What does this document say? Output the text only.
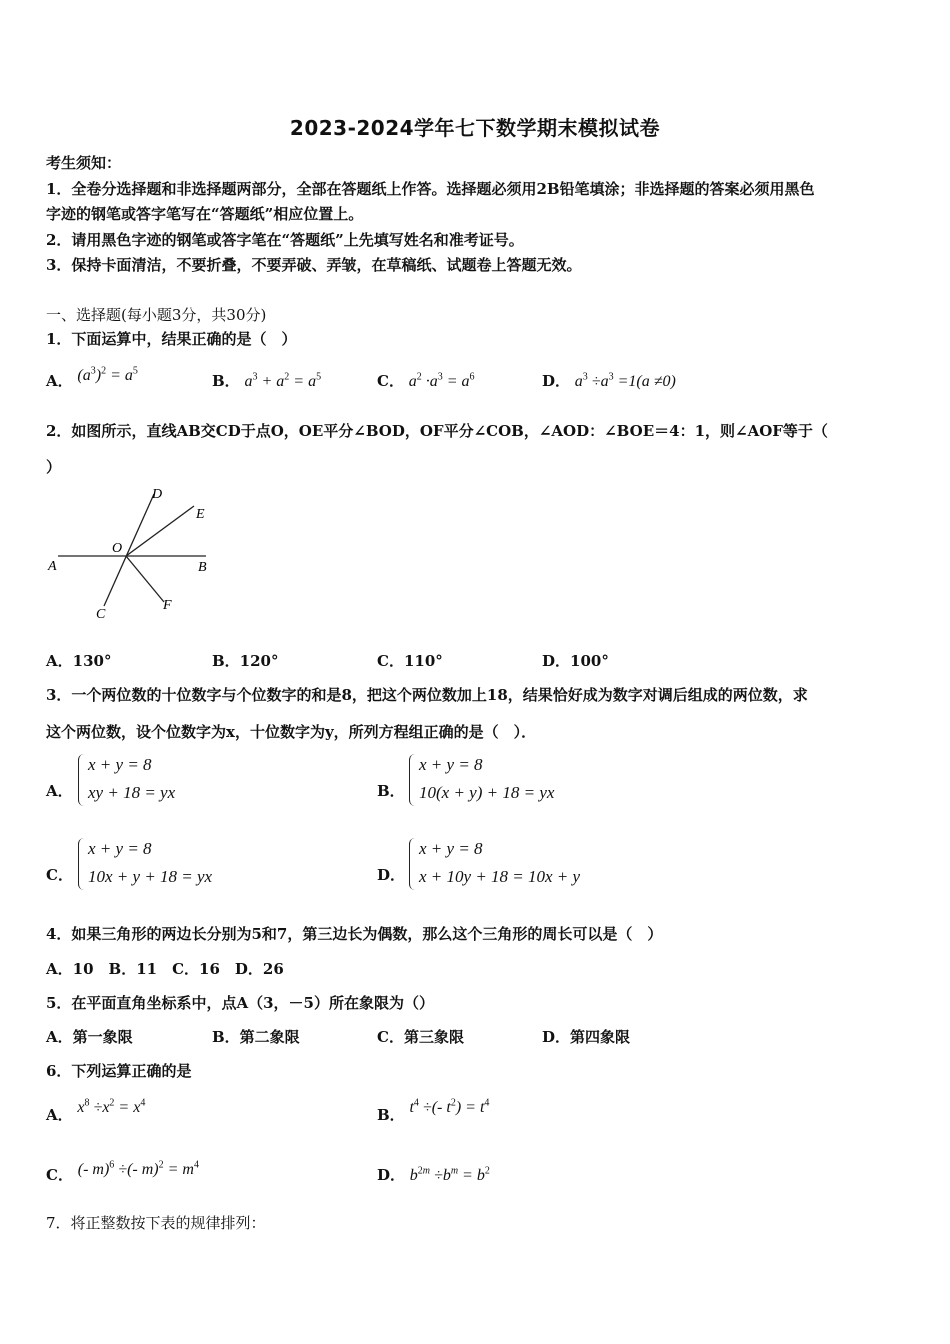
2023-2024学年七下数学期末模拟试卷
考生须知：
1．全卷分选择题和非选择题两部分，全部在答题纸上作答。选择题必须用2B铅笔填涂；非选择题的答案必须用黑色
字迹的钢笔或答字笔写在“答题纸”相应位置上。
2．请用黑色字迹的钢笔或答字笔在“答题纸”上先填写姓名和准考证号。
3．保持卡面清洁，不要折叠，不要弄破、弄皱，在草稿纸、试题卷上答题无效。
一、选择题(每小题3分，共30分)
1．下面运算中，结果正确的是（　）
A． $(a^3)^2 = a^5$
B． $a^3 + a^2 = a^5$	C． $a^2 \cdot a^3 = a^6$	D． $a^3 \div a^3 =1(a \ne 0)$
2．如图所示，直线AB交CD于点O，OE平分∠BOD，OF平分∠COB，∠AOD：∠BOE＝4：1，则∠AOF等于（
）
A	B
C
D
E
F
O
A．130°	B．120°	C．110°	D．100°
3．一个两位数的十位数字与个位数字的和是8，把这个两位数加上18，结果恰好成为数字对调后组成的两位数，求
这个两位数，设个位数字为x，十位数字为y，所列方程组正确的是（　）．
A．
x + y = 8
xy + 18 = yx	B．
x + y = 8
10(x + y) + 18 = yx
C．
x + y = 8
10x + y + 18 = yx	D．
x + y = 8
x + 10y + 18 = 10x + y
4．如果三角形的两边长分别为5和7，第三边长为偶数，那么这个三角形的周长可以是（　）
A．10　B．11　C．16　D．26
5．在平面直角坐标系中，点A（3，－5）所在象限为（）
A．第一象限	B．第二象限	C．第三象限	D．第四象限
6．下列运算正确的是
A． $x^8 \div x^2 = x^4$
B． $t^4$ ÷(- $t^2) = t^4$
C． (- m)$^6$ ÷(- $m)^2 = m^4$
D． $b^{2m} \div b^m = b^2$
7．将正整数按下表的规律排列：
